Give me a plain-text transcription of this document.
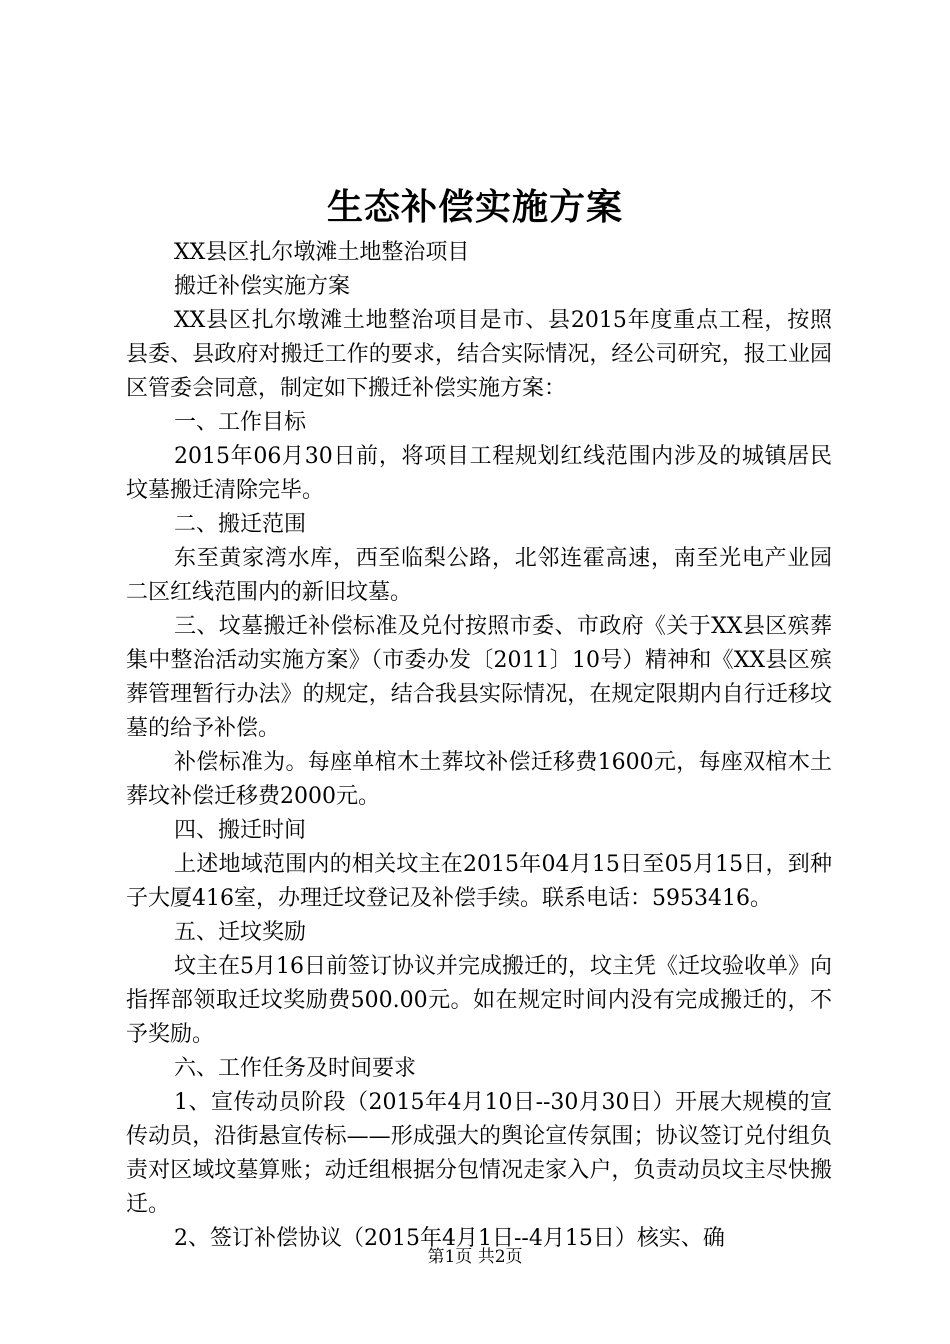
生态补偿实施方案

XX县区扎尔墩滩土地整治项目

搬迁补偿实施方案

XX县区扎尔墩滩土地整治项目是市、县2015年度重点工程，按照县委、县政府对搬迁工作的要求，结合实际情况，经公司研究，报工业园区管委会同意，制定如下搬迁补偿实施方案：

一、工作目标

2015年06月30日前，将项目工程规划红线范围内涉及的城镇居民坟墓搬迁清除完毕。

二、搬迁范围

东至黄家湾水库，西至临梨公路，北邻连霍高速，南至光电产业园二区红线范围内的新旧坟墓。

三、坟墓搬迁补偿标准及兑付按照市委、市政府《关于XX县区殡葬集中整治活动实施方案》（市委办发〔2011〕10号）精神和《XX县区殡葬管理暂行办法》的规定，结合我县实际情况，在规定限期内自行迁移坟墓的给予补偿。

补偿标准为。每座单棺木土葬坟补偿迁移费1600元，每座双棺木土葬坟补偿迁移费2000元。

四、搬迁时间

上述地域范围内的相关坟主在2015年04月15日至05月15日，到种子大厦416室，办理迁坟登记及补偿手续。联系电话：5953416。

五、迁坟奖励

坟主在5月16日前签订协议并完成搬迁的，坟主凭《迁坟验收单》向指挥部领取迁坟奖励费500.00元。如在规定时间内没有完成搬迁的，不予奖励。

六、工作任务及时间要求

1、宣传动员阶段（2015年4月10日--30月30日）开展大规模的宣传动员，沿街悬宣传标——形成强大的舆论宣传氛围；协议签订兑付组负责对区域坟墓算账；动迁组根据分包情况走家入户，负责动员坟主尽快搬迁。

2、签订补偿协议（2015年4月1日--4月15日）核实、确

第1页 共2页
